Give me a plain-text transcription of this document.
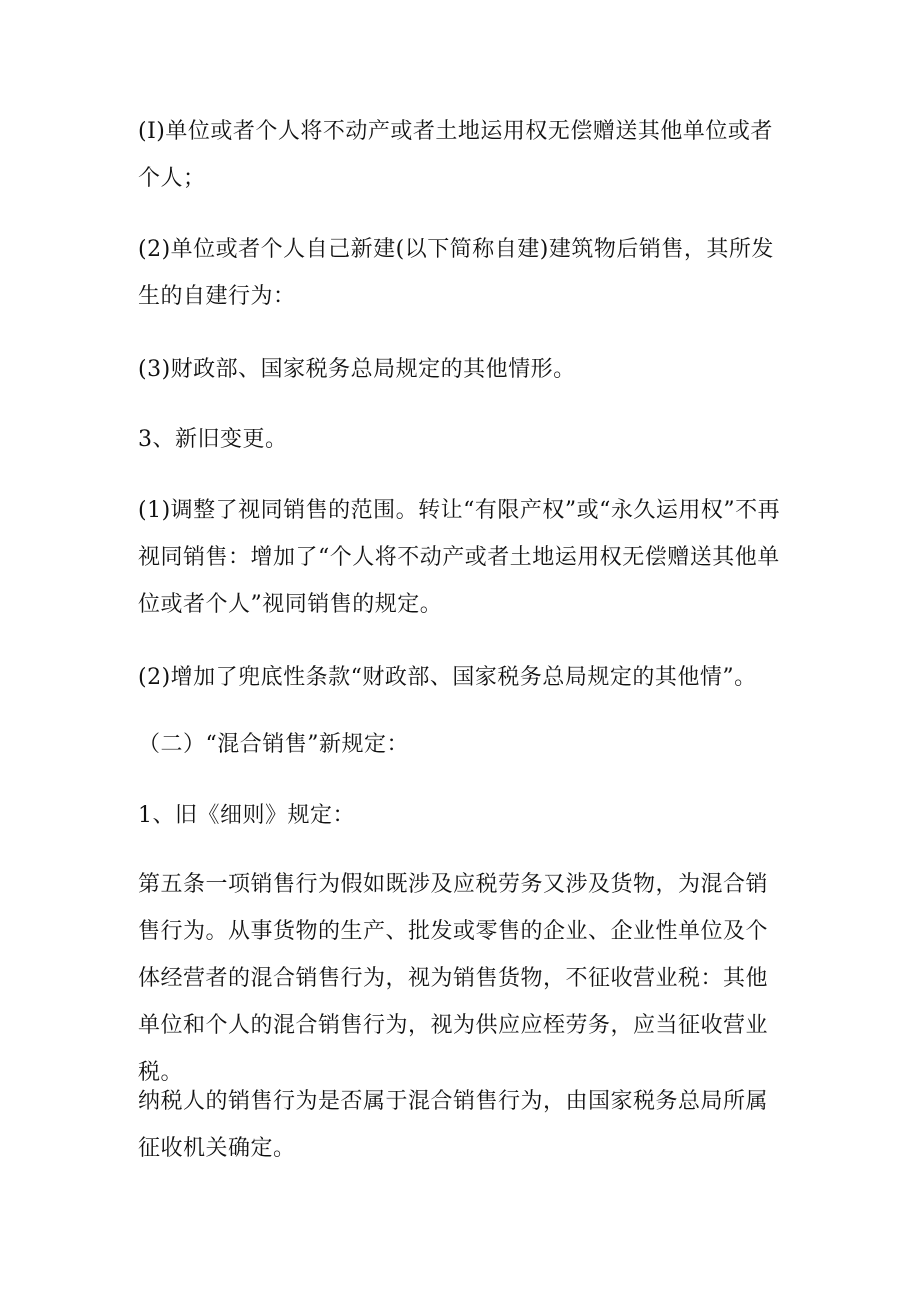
(I)单位或者个人将不动产或者土地运用权无偿赠送其他单位或者个人；

(2)单位或者个人自己新建(以下简称自建)建筑物后销售，其所发生的自建行为：

(3)财政部、国家税务总局规定的其他情形。

3、新旧变更。

(1)调整了视同销售的范围。转让“有限产权”或“永久运用权”不再视同销售：增加了“个人将不动产或者土地运用权无偿赠送其他单位或者个人”视同销售的规定。

(2)增加了兜底性条款“财政部、国家税务总局规定的其他情”。

（二）“混合销售”新规定：

1、旧《细则》规定：

第五条一项销售行为假如既涉及应税劳务又涉及货物，为混合销售行为。从事货物的生产、批发或零售的企业、企业性单位及个体经营者的混合销售行为，视为销售货物，不征收营业税：其他单位和个人的混合销售行为，视为供应应桎劳务，应当征收营业税。

纳税人的销售行为是否属于混合销售行为，由国家税务总局所属征收机关确定。
